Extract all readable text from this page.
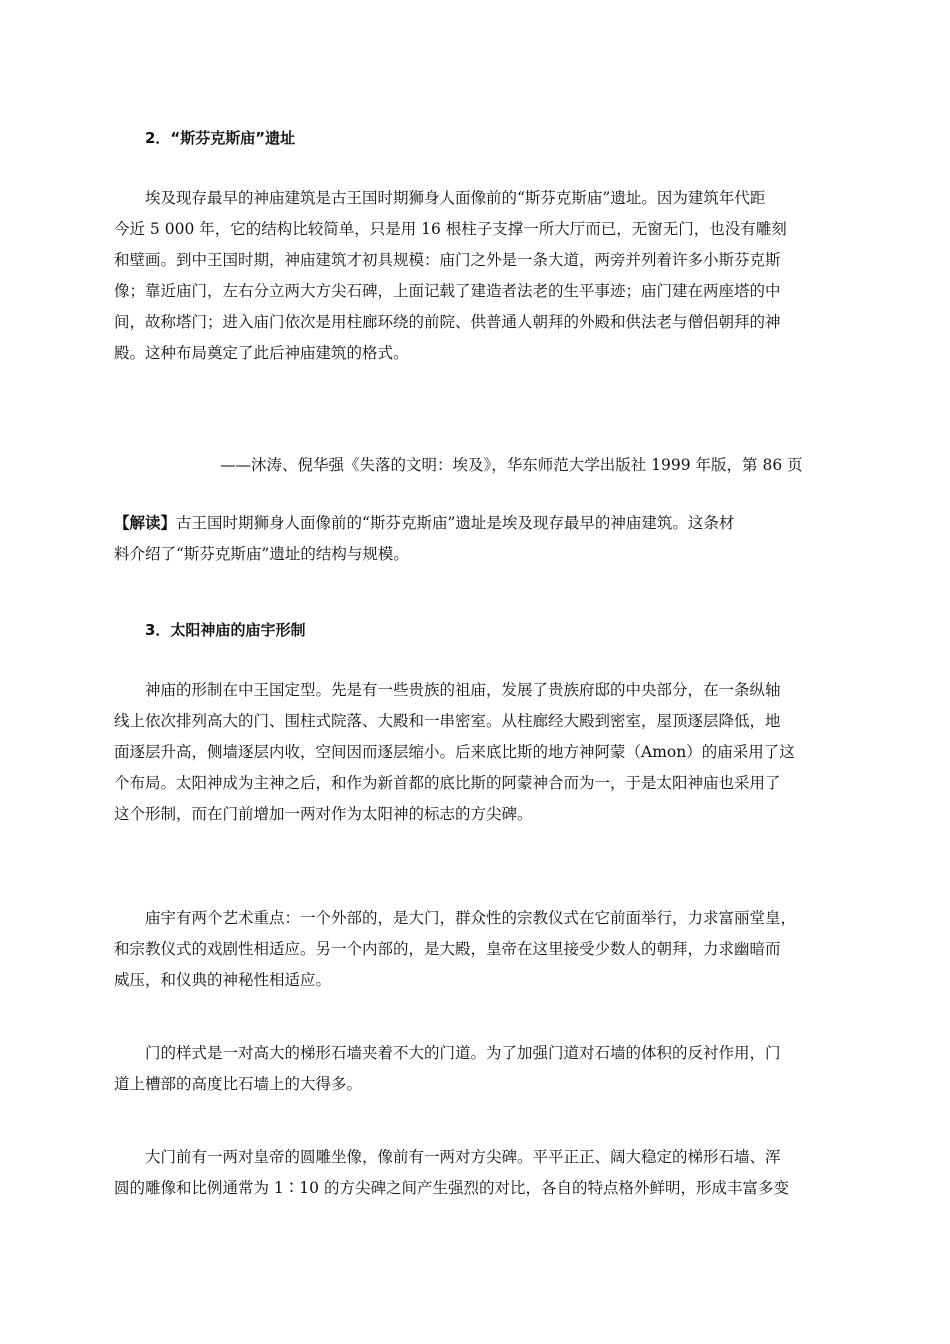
2．“斯芬克斯庙”遗址
埃及现存最早的神庙建筑是古王国时期狮身人面像前的“斯芬克斯庙”遗址。因为建筑年代距
今近 5 000 年，它的结构比较简单，只是用 16 根柱子支撑一所大厅而已，无窗无门，也没有雕刻
和壁画。到中王国时期，神庙建筑才初具规模：庙门之外是一条大道，两旁并列着许多小斯芬克斯
像；靠近庙门，左右分立两大方尖石碑，上面记载了建造者法老的生平事迹；庙门建在两座塔的中
间，故称塔门；进入庙门依次是用柱廊环绕的前院、供普通人朝拜的外殿和供法老与僧侣朝拜的神
殿。这种布局奠定了此后神庙建筑的格式。
——沐涛、倪华强《失落的文明：埃及》，华东师范大学出版社 1999 年版，第 86 页
【解读】古王国时期狮身人面像前的“斯芬克斯庙”遗址是埃及现存最早的神庙建筑。这条材
料介绍了“斯芬克斯庙”遗址的结构与规模。
3．太阳神庙的庙宇形制
神庙的形制在中王国定型。先是有一些贵族的祖庙，发展了贵族府邸的中央部分，在一条纵轴
线上依次排列高大的门、围柱式院落、大殿和一串密室。从柱廊经大殿到密室，屋顶逐层降低，地
面逐层升高，侧墙逐层内收，空间因而逐层缩小。后来底比斯的地方神阿蒙（Amon）的庙采用了这
个布局。太阳神成为主神之后，和作为新首都的底比斯的阿蒙神合而为一，于是太阳神庙也采用了
这个形制，而在门前增加一两对作为太阳神的标志的方尖碑。
庙宇有两个艺术重点：一个外部的，是大门，群众性的宗教仪式在它前面举行，力求富丽堂皇，
和宗教仪式的戏剧性相适应。另一个内部的，是大殿，皇帝在这里接受少数人的朝拜，力求幽暗而
威压，和仪典的神秘性相适应。
门的样式是一对高大的梯形石墙夹着不大的门道。为了加强门道对石墙的体积的反衬作用，门
道上槽部的高度比石墙上的大得多。
大门前有一两对皇帝的圆雕坐像，像前有一两对方尖碑。平平正正、阔大稳定的梯形石墙、浑
圆的雕像和比例通常为 1∶10 的方尖碑之间产生强烈的对比，各自的特点格外鲜明，形成丰富多变
